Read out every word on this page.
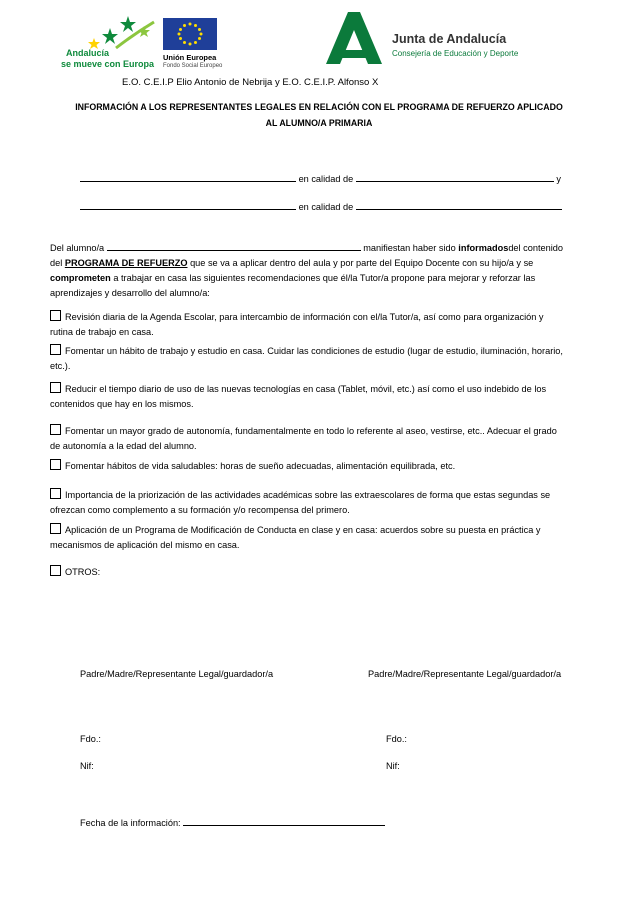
Andalucía
se mueve con Europa
Unión Europea
Fondo Social Europeo
Junta de Andalucía
Consejería de Educación y Deporte
E.O. C.E.I.P Elio Antonio de Nebrija y E.O. C.E.I.P. Alfonso X
INFORMACIÓN A LOS REPRESENTANTES LEGALES EN RELACIÓN CON EL PROGRAMA DE REFUERZO APLICADO
AL ALUMNO/A PRIMARIA
en calidad de	y
en calidad de
Del alumno/a	manifiestan haber sido informadosdel contenido
del PROGRAMA DE REFUERZO que se va a aplicar dentro del aula y por parte del Equipo Docente con su hijo/a y se
comprometen a trabajar en casa las siguientes recomendaciones que él/la Tutor/a propone para mejorar y reforzar las
aprendizajes y desarrollo del alumno/a:
Revisión diaria de la Agenda Escolar, para intercambio de información con el/la Tutor/a, así como para organización y
rutina de trabajo en casa.
Fomentar un hábito de trabajo y estudio en casa. Cuidar las condiciones de estudio (lugar de estudio, iluminación, horario,
etc.).
Reducir el tiempo diario de uso de las nuevas tecnologías en casa (Tablet, móvil, etc.) así como el uso indebido de los
contenidos que hay en los mismos.
Fomentar un mayor grado de autonomía, fundamentalmente en todo lo referente al aseo, vestirse, etc.. Adecuar el grado
de autonomía a la edad del alumno.
Fomentar hábitos de vida saludables: horas de sueño adecuadas, alimentación equilibrada, etc.
Importancia de la priorización de las actividades académicas sobre las extraescolares de forma que estas segundas se
ofrezcan como complemento a su formación y/o recompensa del primero.
Aplicación de un Programa de Modificación de Conducta en clase y en casa: acuerdos sobre su puesta en práctica y
mecanismos de aplicación del mismo en casa.
OTROS:
Padre/Madre/Representante Legal/guardador/a	Padre/Madre/Representante Legal/guardador/a
Fdo.:	Fdo.:
Nif:	Nif:
Fecha de la información:
